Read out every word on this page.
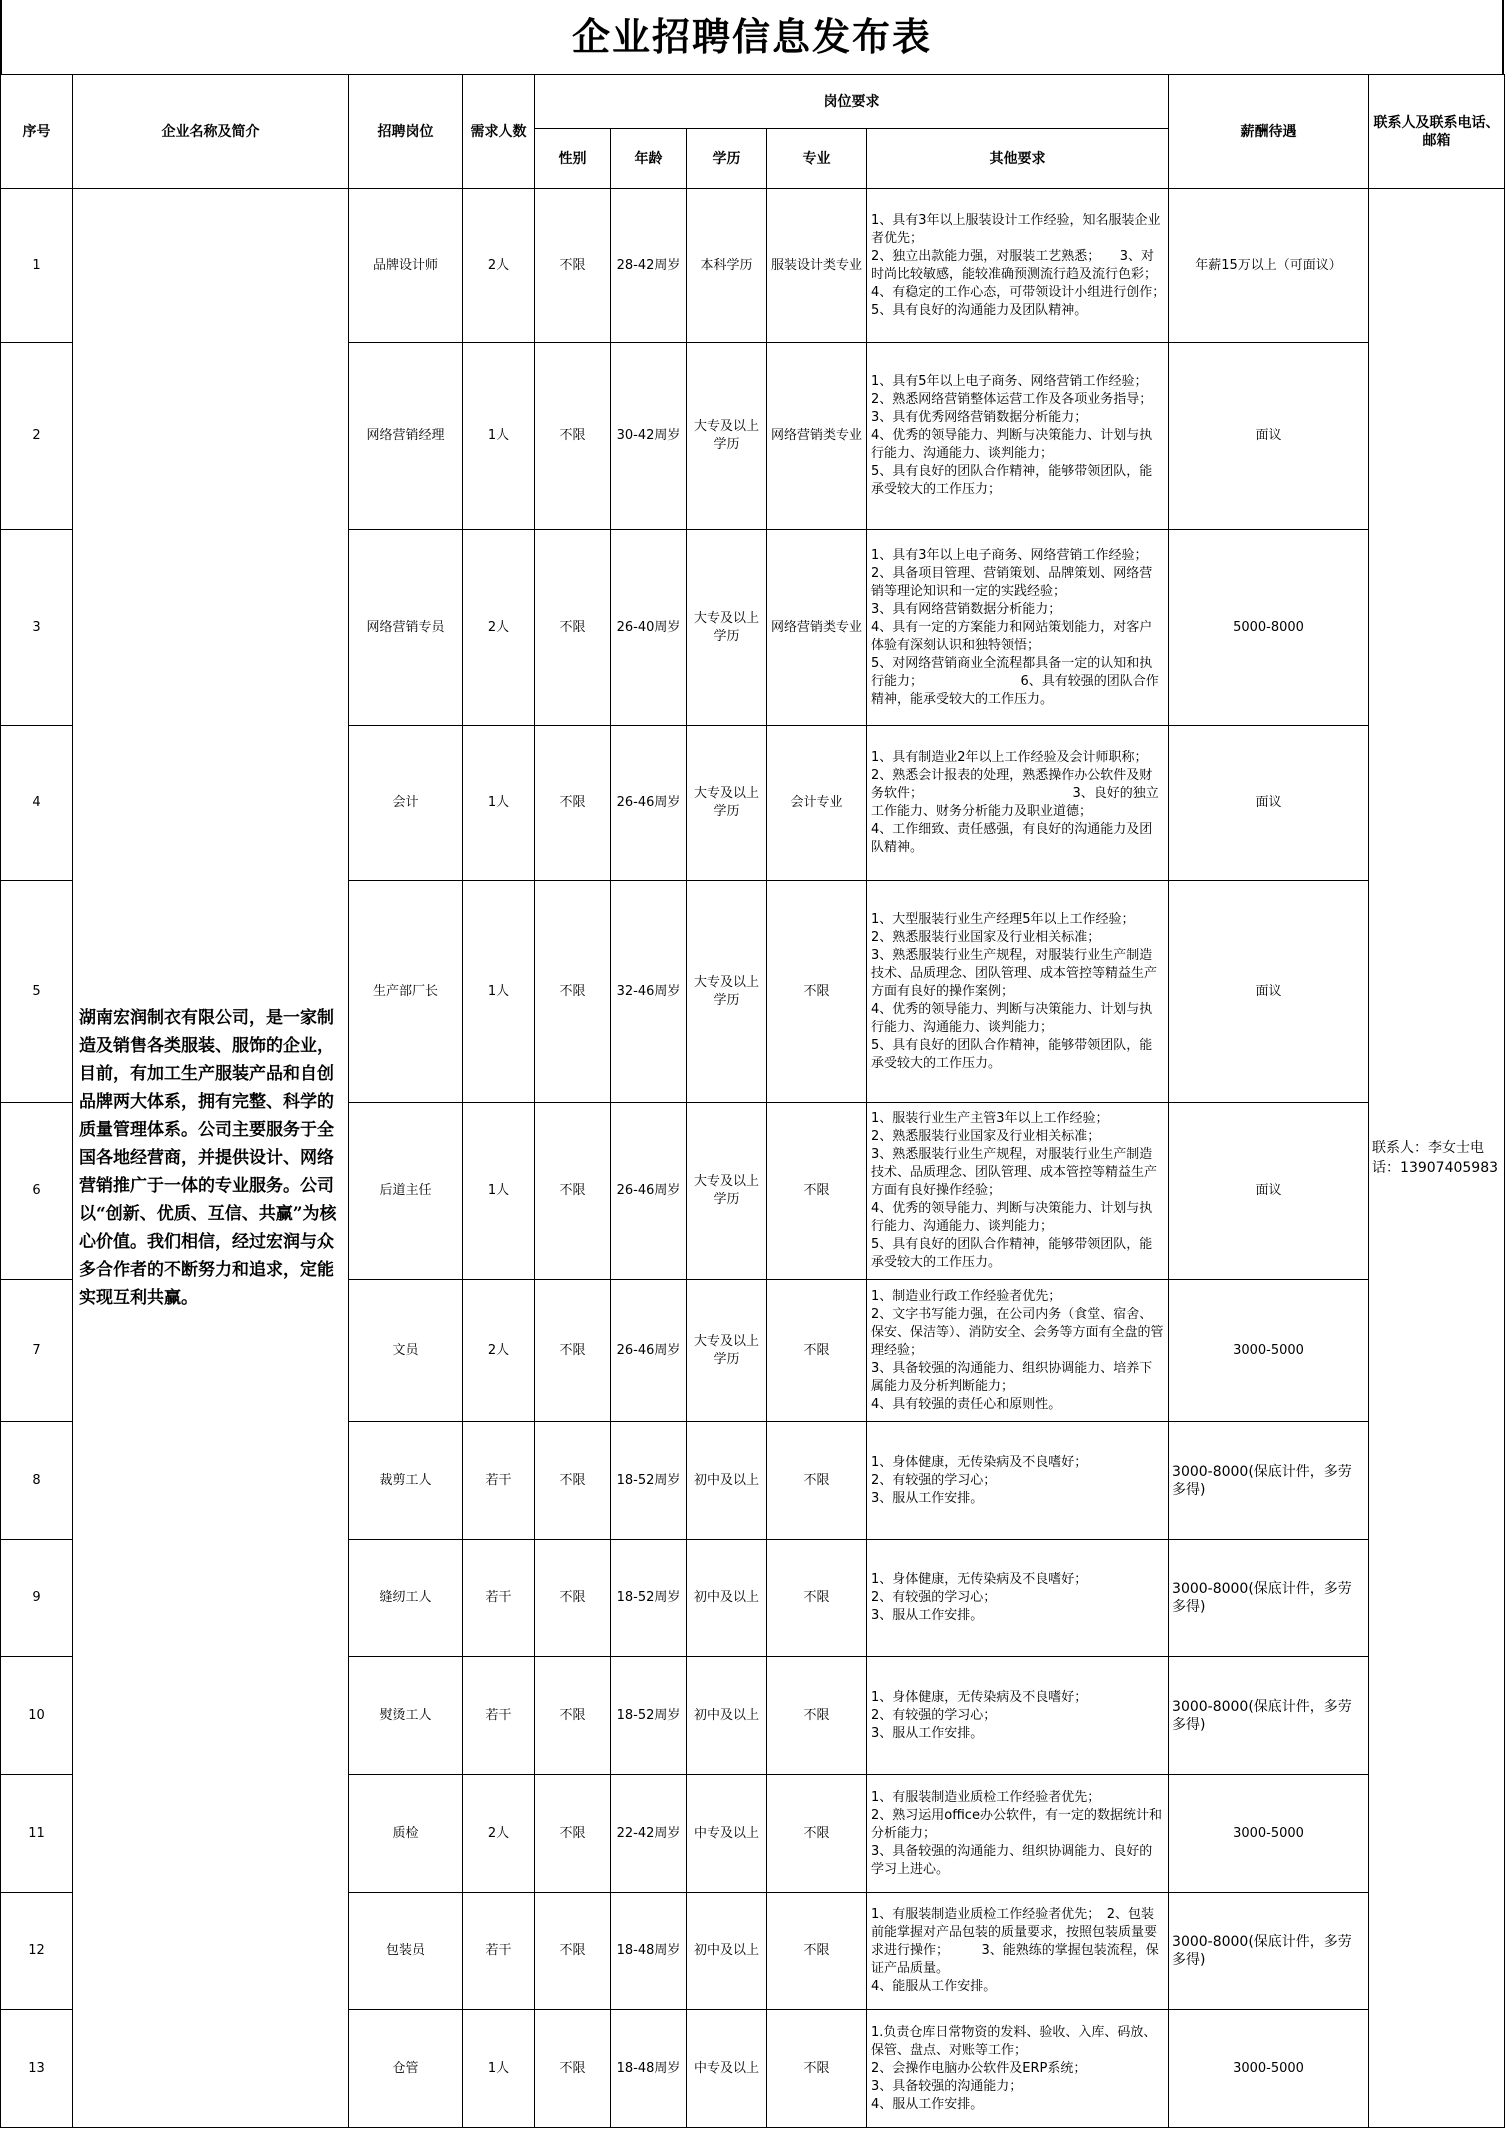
企业招聘信息发布表
序号	企业名称及简介	招聘岗位	需求人数	岗位要求					薪酬待遇	联系人及联系电话、邮箱
				性别	年龄	学历	专业	其他要求		
1	湖南宏润制衣有限公司，是一家制造及销售各类服装、服饰的企业，目前，有加工生产服装产品和自创品牌两大体系，拥有完整、科学的质量管理体系。公司主要服务于全国各地经营商，并提供设计、网络营销推广于一体的专业服务。公司以“创新、优质、互信、共赢”为核心价值。我们相信，经过宏润与众多合作者的不断努力和追求，定能实现互利共赢。	品牌设计师	2人	不限	28-42周岁	本科学历	服装设计类专业	1、具有3年以上服装设计工作经验，知名服装企业者优先；
2、独立出款能力强，对服装工艺熟悉；　　3、对时尚比较敏感，能较准确预测流行趋及流行色彩；　　　　　　　　4、有稳定的工作心态，可带领设计小组进行创作；　　　　　　　　5、具有良好的沟通能力及团队精神。	年薪15万以上（可面议）	联系人：李女士电话：13907405983
2		网络营销经理	1人	不限	30-42周岁	大专及以上学历	网络营销类专业	1、具有5年以上电子商务、网络营销工作经验；
2、熟悉网络营销整体运营工作及各项业务指导；　　　　　　　　　　　　　　　　　3、具有优秀网络营销数据分析能力；
4、优秀的领导能力、判断与决策能力、计划与执行能力、沟通能力、谈判能力；
5、具有良好的团队合作精神，能够带领团队，能承受较大的工作压力；	面议	
3		网络营销专员	2人	不限	26-40周岁	大专及以上学历	网络营销类专业	1、具有3年以上电子商务、网络营销工作经验；
2、具备项目管理、营销策划、品牌策划、网络营销等理论知识和一定的实践经验；
3、具有网络营销数据分析能力；
4、具有一定的方案能力和网站策划能力，对客户体验有深刻认识和独特领悟；
5、对网络营销商业全流程都具备一定的认知和执行能力；　　　　　　　　6、具有较强的团队合作精神，能承受较大的工作压力。	5000-8000	
4		会计	1人	不限	26-46周岁	大专及以上学历	会计专业	1、具有制造业2年以上工作经验及会计师职称；　　　　　　　　　　　　　　　　2、熟悉会计报表的处理，熟悉操作办公软件及财务软件；　　　　　　　　　　　　3、良好的独立工作能力、财务分析能力及职业道德；
4、工作细致、责任感强，有良好的沟通能力及团队精神。	面议	
5		生产部厂长	1人	不限	32-46周岁	大专及以上学历	不限	1、大型服装行业生产经理5年以上工作经验；
2、熟悉服装行业国家及行业相关标准；
3、熟悉服装行业生产规程，对服装行业生产制造技术、品质理念、团队管理、成本管控等精益生产方面有良好的操作案例；
4、优秀的领导能力、判断与决策能力、计划与执行能力、沟通能力、谈判能力；
5、具有良好的团队合作精神，能够带领团队，能承受较大的工作压力。	面议	
6		后道主任	1人	不限	26-46周岁	大专及以上学历	不限	1、服装行业生产主管3年以上工作经验；
2、熟悉服装行业国家及行业相关标准；
3、熟悉服装行业生产规程，对服装行业生产制造技术、品质理念、团队管理、成本管控等精益生产方面有良好操作经验；
4、优秀的领导能力、判断与决策能力、计划与执行能力、沟通能力、谈判能力；
5、具有良好的团队合作精神，能够带领团队，能承受较大的工作压力。	面议	
7		文员	2人	不限	26-46周岁	大专及以上学历	不限	1、制造业行政工作经验者优先；
2、文字书写能力强，在公司内务（食堂、宿舍、保安、保洁等）、消防安全、会务等方面有全盘的管理经验；
3、具备较强的沟通能力、组织协调能力、培养下属能力及分析判断能力；
4、具有较强的责任心和原则性。	3000-5000	
8		裁剪工人	若干	不限	18-52周岁	初中及以上	不限	1、身体健康，无传染病及不良嗜好；
2、有较强的学习心；
3、服从工作安排。	3000-8000(保底计件，多劳多得)	
9		缝纫工人	若干	不限	18-52周岁	初中及以上	不限	1、身体健康，无传染病及不良嗜好；
2、有较强的学习心；
3、服从工作安排。	3000-8000(保底计件，多劳多得)	
10		熨烫工人	若干	不限	18-52周岁	初中及以上	不限	1、身体健康，无传染病及不良嗜好；
2、有较强的学习心；
3、服从工作安排。	3000-8000(保底计件，多劳多得)	
11		质检	2人	不限	22-42周岁	中专及以上	不限	1、有服装制造业质检工作经验者优先；
2、熟习运用office办公软件，有一定的数据统计和分析能力；
3、具备较强的沟通能力、组织协调能力、良好的学习上进心。	3000-5000	
12		包装员	若干	不限	18-48周岁	初中及以上	不限	1、有服装制造业质检工作经验者优先；　2、包装前能掌握对产品包装的质量要求，按照包装质量要求进行操作；　　　3、能熟练的掌握包装流程，保证产品质量。
4、能服从工作安排。	3000-8000(保底计件，多劳多得)	
13		仓管	1人	不限	18-48周岁	中专及以上	不限	1.负责仓库日常物资的发料、验收、入库、码放、保管、盘点、对账等工作；
2、会操作电脑办公软件及ERP系统；
3、具备较强的沟通能力；
4、服从工作安排。	3000-5000	
